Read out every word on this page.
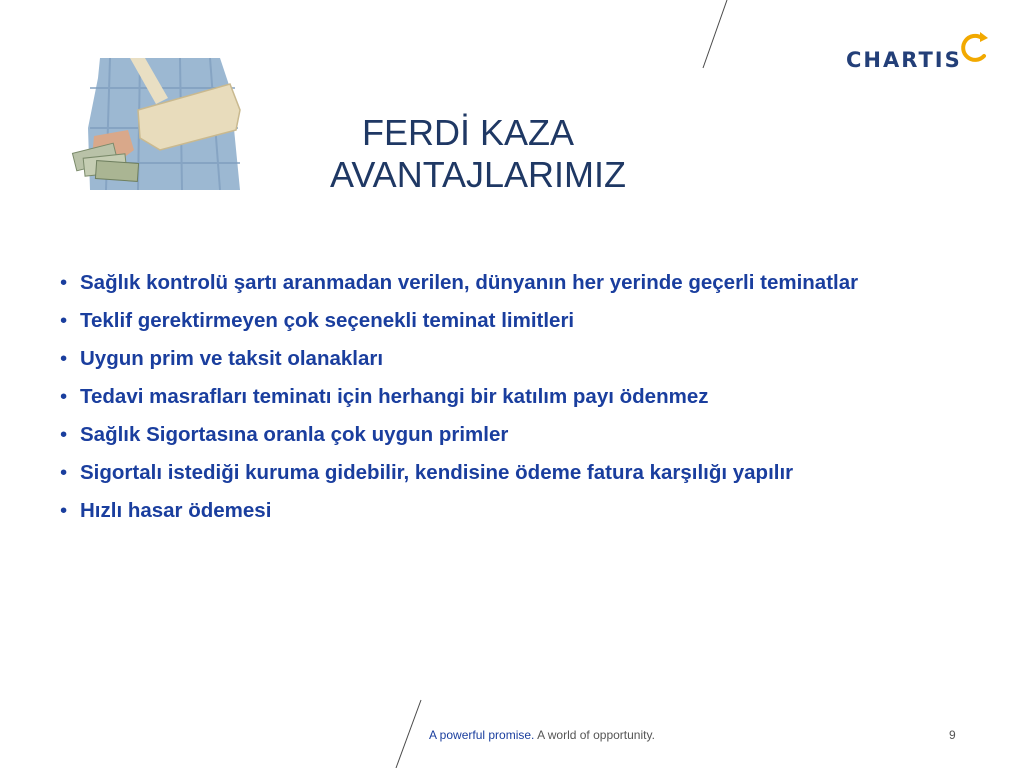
CHARTIS
FERDİ KAZA
AVANTAJLARIMIZ
• Sağlık kontrolü şartı aranmadan verilen, dünyanın her yerinde geçerli teminatlar
• Teklif gerektirmeyen çok seçenekli teminat limitleri
• Uygun prim ve taksit olanakları
• Tedavi masrafları teminatı için herhangi bir katılım payı ödenmez
• Sağlık Sigortasına oranla çok uygun primler
• Sigortalı istediği kuruma gidebilir, kendisine ödeme fatura karşılığı yapılır
• Hızlı hasar ödemesi
A powerful promise. A world of opportunity.	9
